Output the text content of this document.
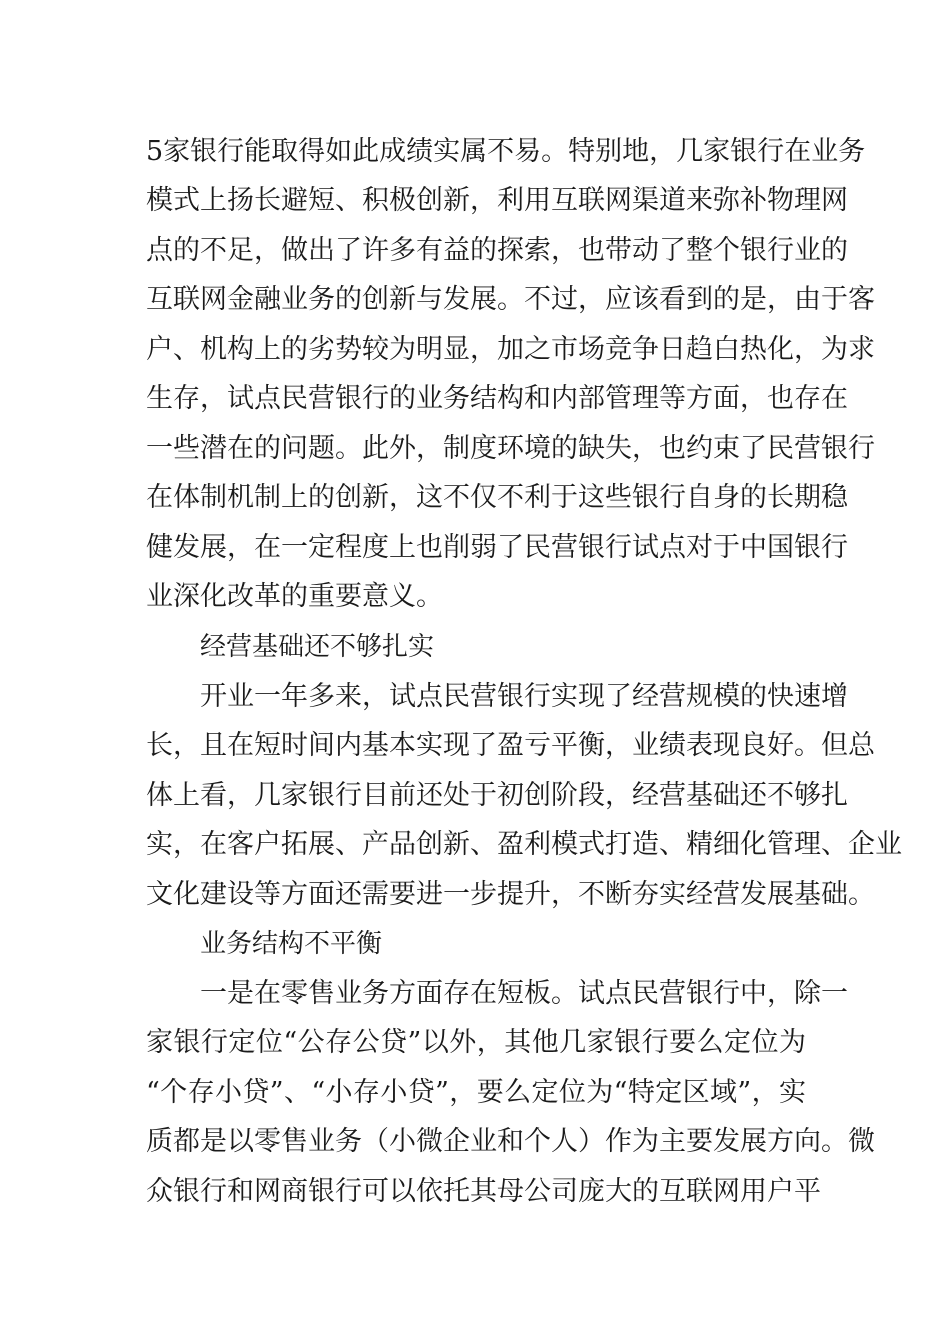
5家银行能取得如此成绩实属不易。特别地，几家银行在业务
模式上扬长避短、积极创新，利用互联网渠道来弥补物理网
点的不足，做出了许多有益的探索，也带动了整个银行业的
互联网金融业务的创新与发展。不过，应该看到的是，由于客
户、机构上的劣势较为明显，加之市场竞争日趋白热化，为求
生存，试点民营银行的业务结构和内部管理等方面，也存在
一些潜在的问题。此外，制度环境的缺失，也约束了民营银行
在体制机制上的创新，这不仅不利于这些银行自身的长期稳
健发展，在一定程度上也削弱了民营银行试点对于中国银行
业深化改革的重要意义。
经营基础还不够扎实
开业一年多来，试点民营银行实现了经营规模的快速增
长，且在短时间内基本实现了盈亏平衡，业绩表现良好。但总
体上看，几家银行目前还处于初创阶段，经营基础还不够扎
实，在客户拓展、产品创新、盈利模式打造、精细化管理、企业
文化建设等方面还需要进一步提升，不断夯实经营发展基础。
业务结构不平衡
一是在零售业务方面存在短板。试点民营银行中，除一
家银行定位“公存公贷”以外，其他几家银行要么定位为
“个存小贷”、“小存小贷”，要么定位为“特定区域”，实
质都是以零售业务（小微企业和个人）作为主要发展方向。微
众银行和网商银行可以依托其母公司庞大的互联网用户平
